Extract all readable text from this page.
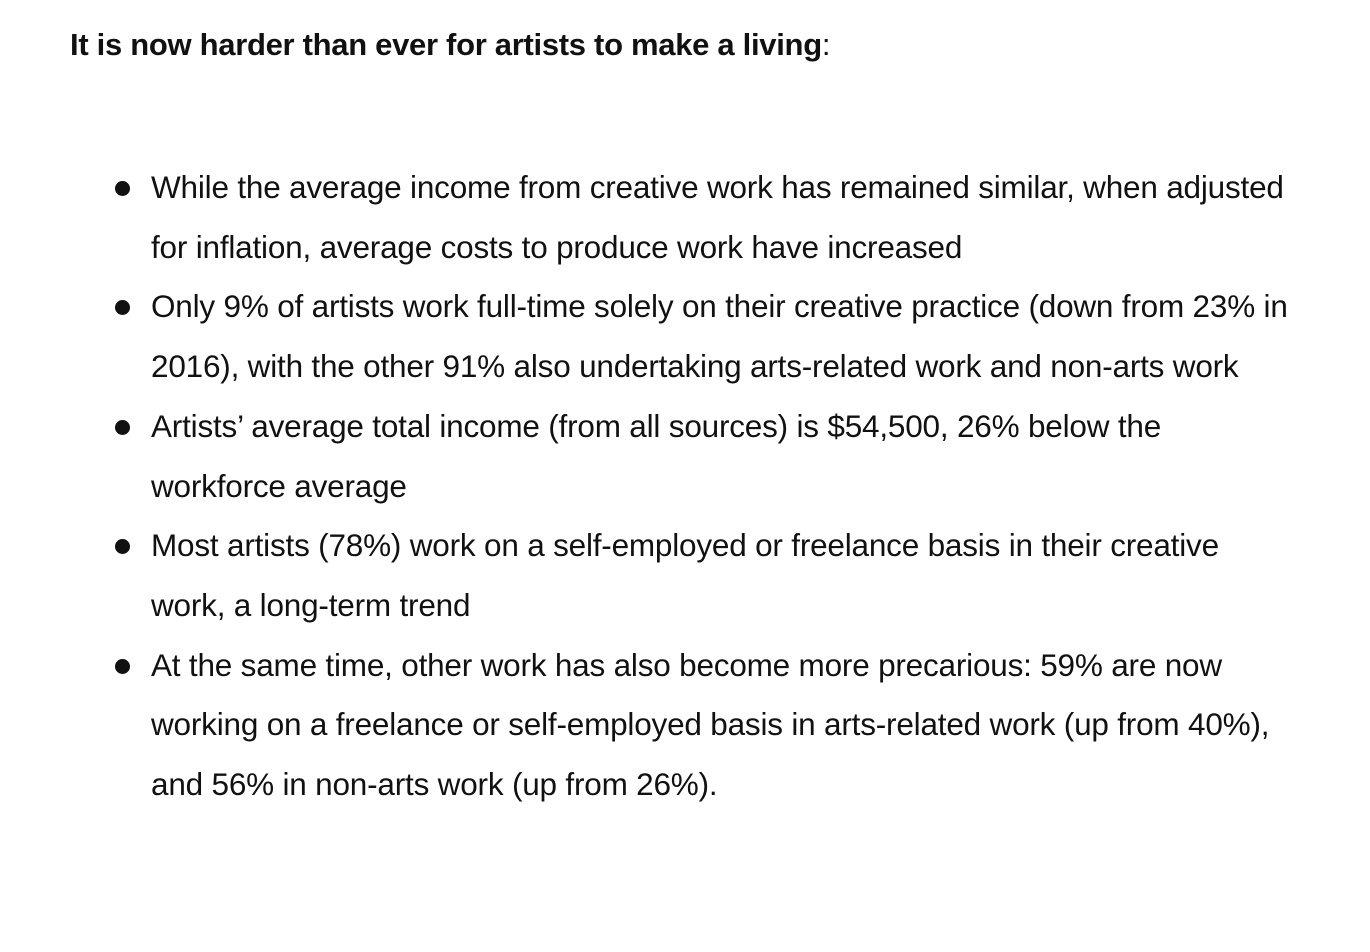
It is now harder than ever for artists to make a living:

While the average income from creative work has remained similar, when adjusted for inflation, average costs to produce work have increased
Only 9% of artists work full-time solely on their creative practice (down from 23% in 2016), with the other 91% also undertaking arts-related work and non-arts work
Artists’ average total income (from all sources) is $54,500, 26% below the workforce average
Most artists (78%) work on a self-employed or freelance basis in their creative work, a long-term trend
At the same time, other work has also become more precarious: 59% are now working on a freelance or self-employed basis in arts-related work (up from 40%), and 56% in non-arts work (up from 26%).
